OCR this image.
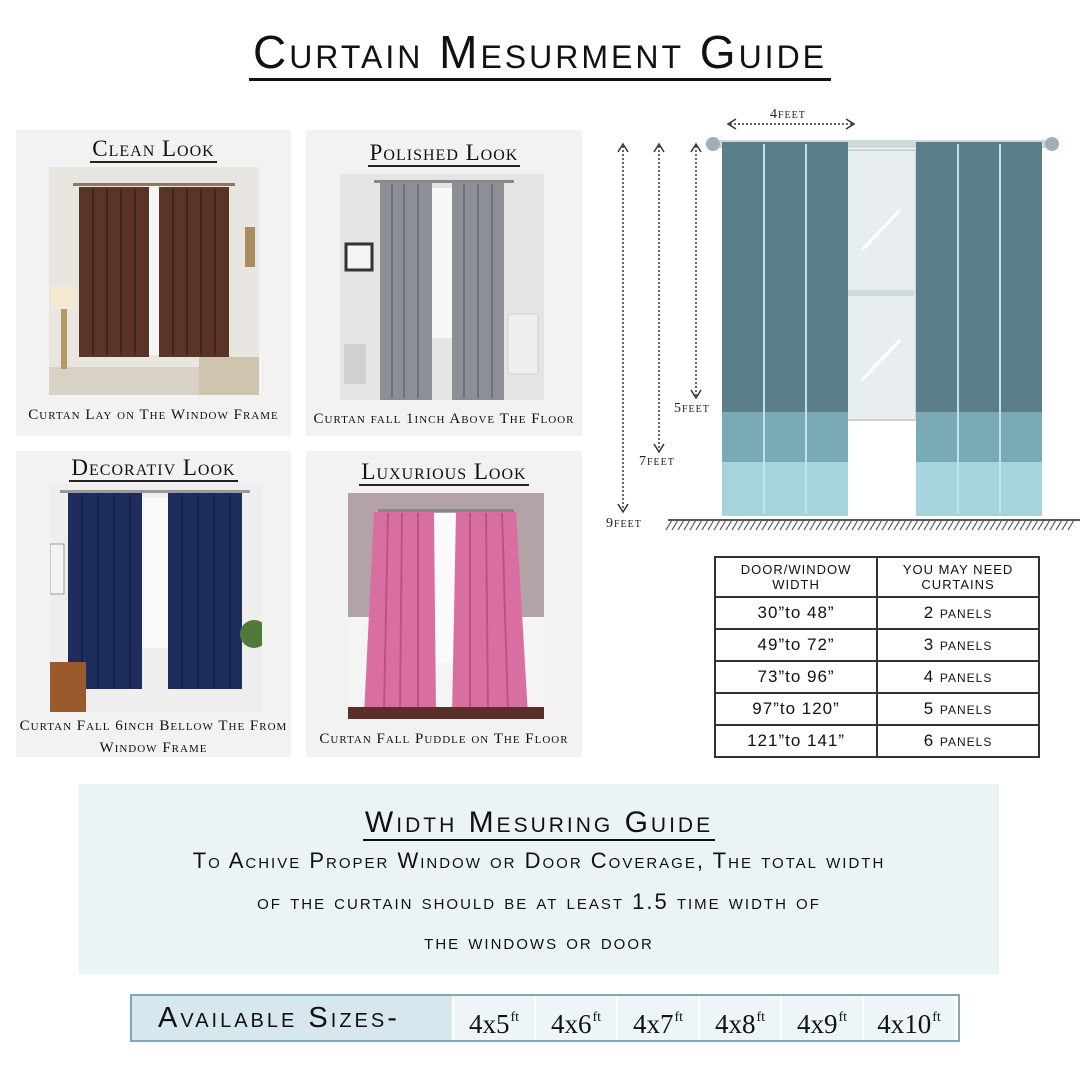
Curtain Mesurment Guide
Clean Look
Curtan Lay on The Window Frame
Polished Look
Curtan fall 1inch Above The Floor
Decorativ Look
Curtan Fall 6inch Bellow The From
Window Frame
Luxurious Look
Curtan Fall Puddle on The Floor
4FEET
5FEET
7FEET
9FEET
DOOR/WINDOW
WIDTH	YOU MAY NEED
CURTAINS
30”to 48”	2 panels
49”to 72”	3 panels
73”to 96”	4 panels
97”to 120”	5 panels
121”to 141”	6 panels
Width Mesuring Guide
To Achive Proper Window or Door Coverage, The total width
of the curtain should be at least 1.5 time width of
the windows or door
Available Sizes-	$4x5^{ft}$	$4x6^{ft}$	$4x7^{ft}$	$4x8^{ft}$	$4x9^{ft}$	$4x10^{ft}$
